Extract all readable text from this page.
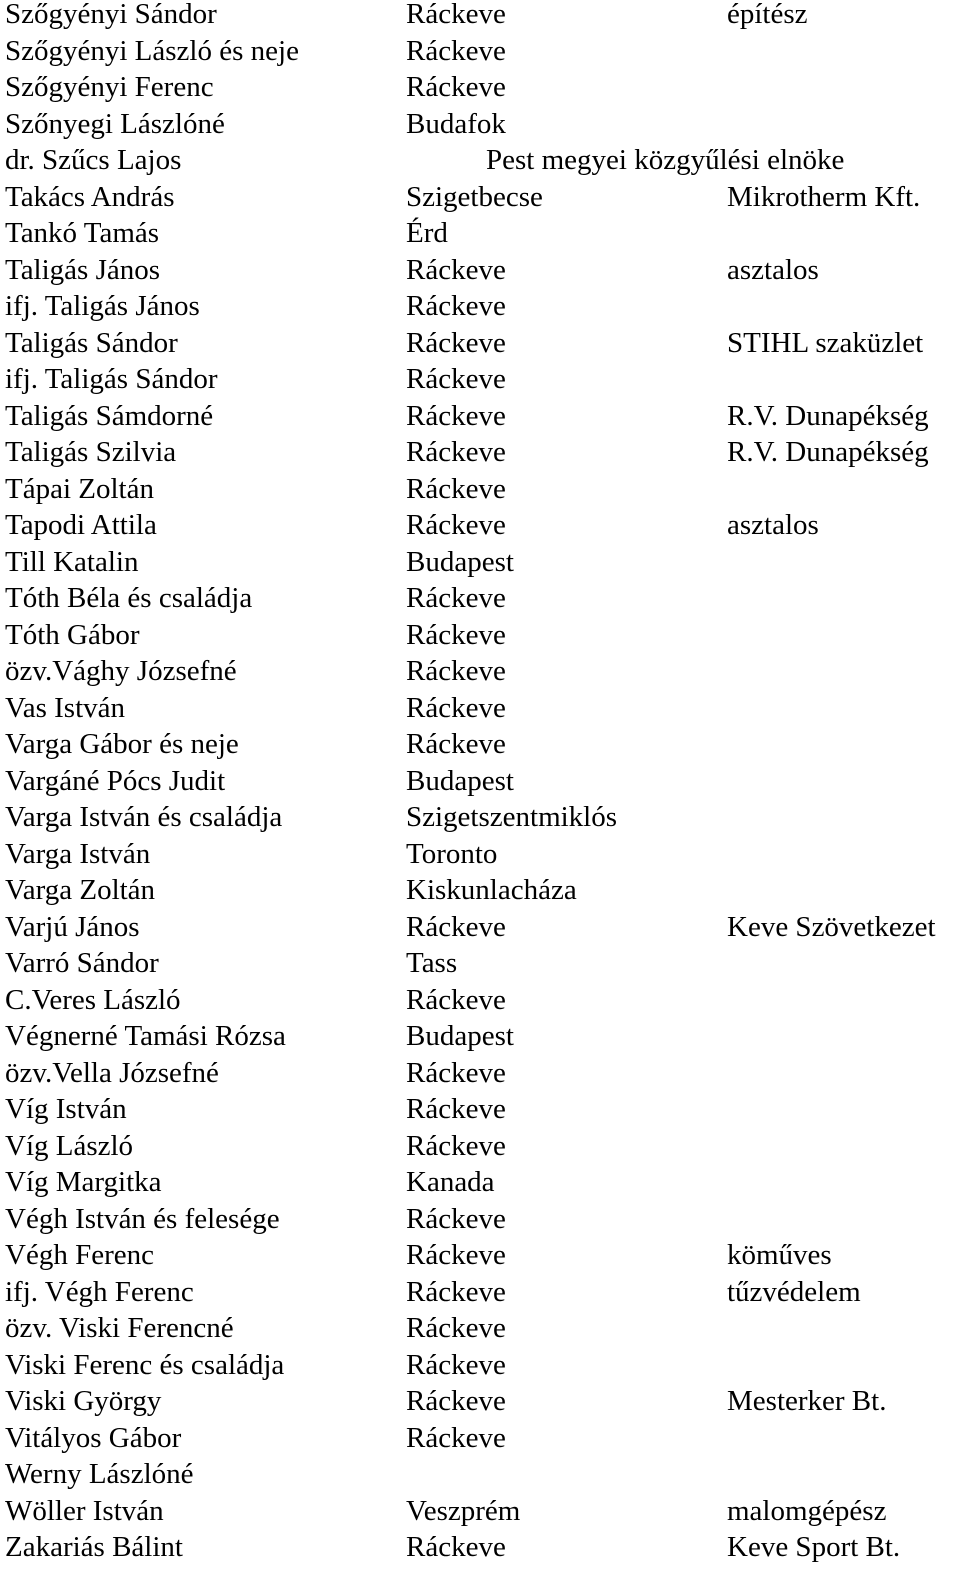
Szőgyényi Sándor	Ráckeve	építész
Szőgyényi László és neje	Ráckeve
Szőgyényi Ferenc	Ráckeve
Szőnyegi Lászlóné	Budafok
dr. Szűcs Lajos	Pest megyei közgyűlési elnöke
Takács András	Szigetbecse	Mikrotherm Kft.
Tankó Tamás	Érd
Taligás János	Ráckeve	asztalos
ifj. Taligás János	Ráckeve
Taligás Sándor	Ráckeve	STIHL szaküzlet
ifj. Taligás Sándor	Ráckeve
Taligás Sámdorné	Ráckeve	R.V. Dunapékség
Taligás Szilvia	Ráckeve	R.V. Dunapékség
Tápai Zoltán	Ráckeve
Tapodi Attila	Ráckeve	asztalos
Till Katalin	Budapest
Tóth Béla és családja	Ráckeve
Tóth Gábor	Ráckeve
özv.Vághy Józsefné	Ráckeve
Vas István	Ráckeve
Varga Gábor és neje	Ráckeve
Vargáné Pócs Judit	Budapest
Varga István és családja	Szigetszentmiklós
Varga István	Toronto
Varga Zoltán	Kiskunlacháza
Varjú János	Ráckeve	Keve Szövetkezet
Varró Sándor	Tass
C.Veres László	Ráckeve
Végnerné Tamási Rózsa	Budapest
özv.Vella Józsefné	Ráckeve
Víg István	Ráckeve
Víg László	Ráckeve
Víg Margitka	Kanada
Végh István és felesége	Ráckeve
Végh Ferenc	Ráckeve	köműves
ifj. Végh Ferenc	Ráckeve	tűzvédelem
özv. Viski Ferencné	Ráckeve
Viski Ferenc és családja	Ráckeve
Viski György	Ráckeve	Mesterker Bt.
Vitályos Gábor	Ráckeve
Werny Lászlóné
Wöller István	Veszprém	malomgépész
Zakariás Bálint	Ráckeve	Keve Sport Bt.
